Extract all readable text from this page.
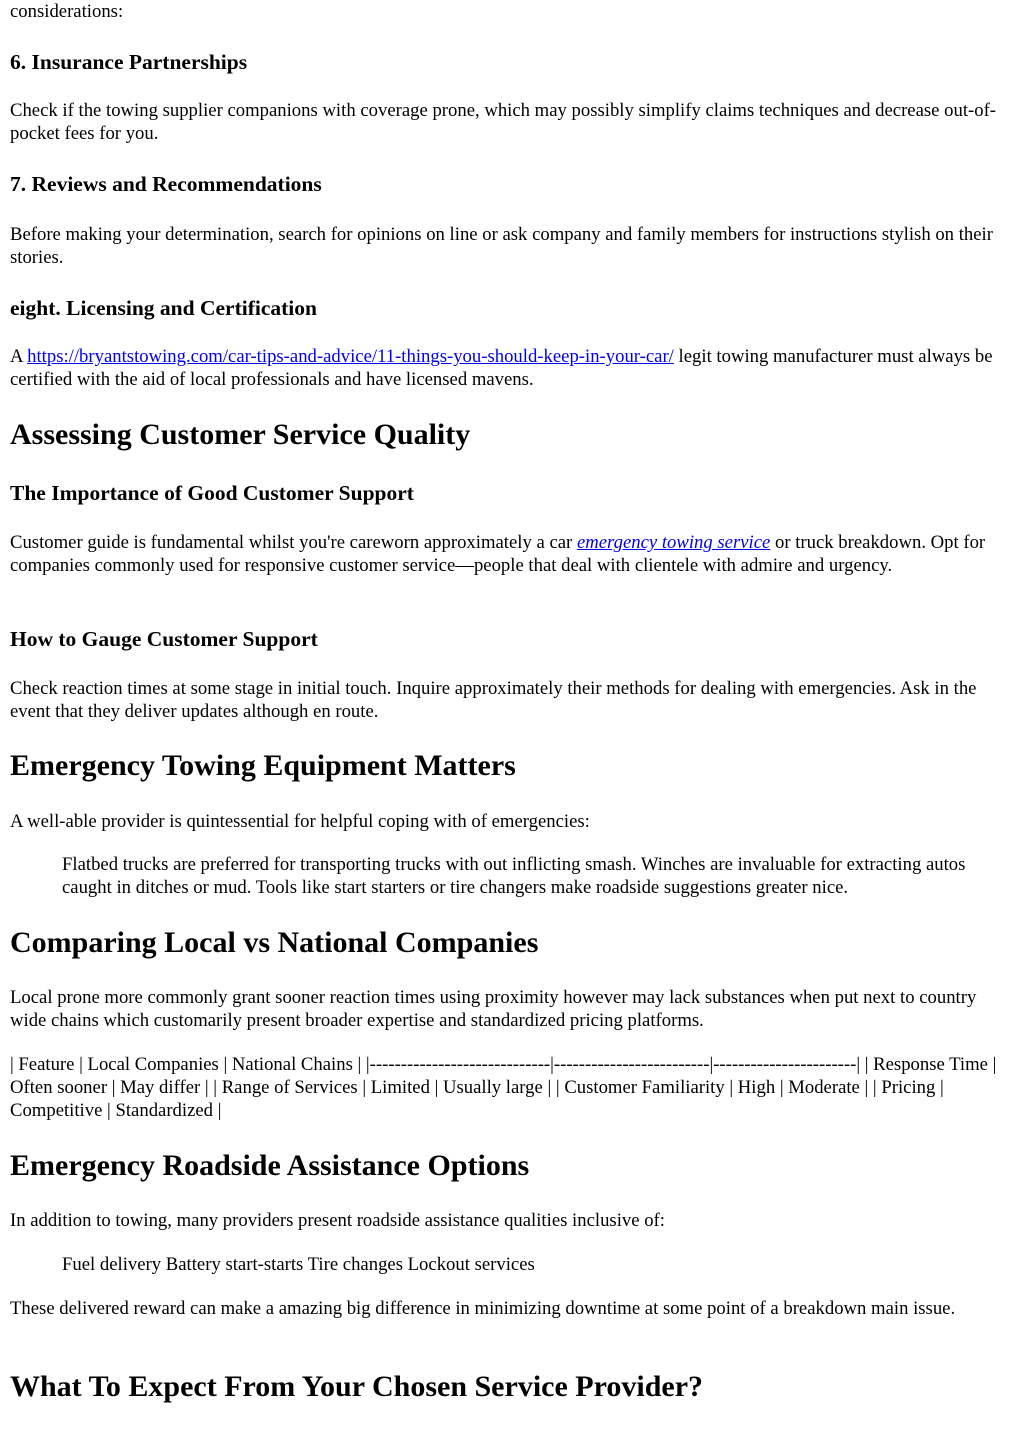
considerations:

6. Insurance Partnerships

Check if the towing supplier companions with coverage prone, which may possibly simplify claims techniques and decrease out-of-pocket fees for you.

7. Reviews and Recommendations

Before making your determination, search for opinions on line or ask company and family members for instructions stylish on their stories.

eight. Licensing and Certification

A https://bryantstowing.com/car-tips-and-advice/11-things-you-should-keep-in-your-car/ legit towing manufacturer must always be certified with the aid of local professionals and have licensed mavens.

Assessing Customer Service Quality
The Importance of Good Customer Support

Customer guide is fundamental whilst you're careworn approximately a car emergency towing service or truck breakdown. Opt for companies commonly used for responsive customer service—people that deal with clientele with admire and urgency.

How to Gauge Customer Support

Check reaction times at some stage in initial touch. Inquire approximately their methods for dealing with emergencies. Ask in the event that they deliver updates although en route.

Emergency Towing Equipment Matters

A well-able provider is quintessential for helpful coping with of emergencies:

Flatbed trucks are preferred for transporting trucks with out inflicting smash. Winches are invaluable for extracting autos caught in ditches or mud. Tools like start starters or tire changers make roadside suggestions greater nice.

Comparing Local vs National Companies

Local prone more commonly grant sooner reaction times using proximity however may lack substances when put next to country wide chains which customarily present broader expertise and standardized pricing platforms.

| Feature | Local Companies | National Chains | |-----------------------------|-------------------------|-----------------------| | Response Time | Often sooner | May differ | | Range of Services | Limited | Usually large | | Customer Familiarity | High | Moderate | | Pricing | Competitive | Standardized |

Emergency Roadside Assistance Options

In addition to towing, many providers present roadside assistance qualities inclusive of:

Fuel delivery Battery start-starts Tire changes Lockout services

These delivered reward can make a amazing big difference in minimizing downtime at some point of a breakdown main issue.

What To Expect From Your Chosen Service Provider?
